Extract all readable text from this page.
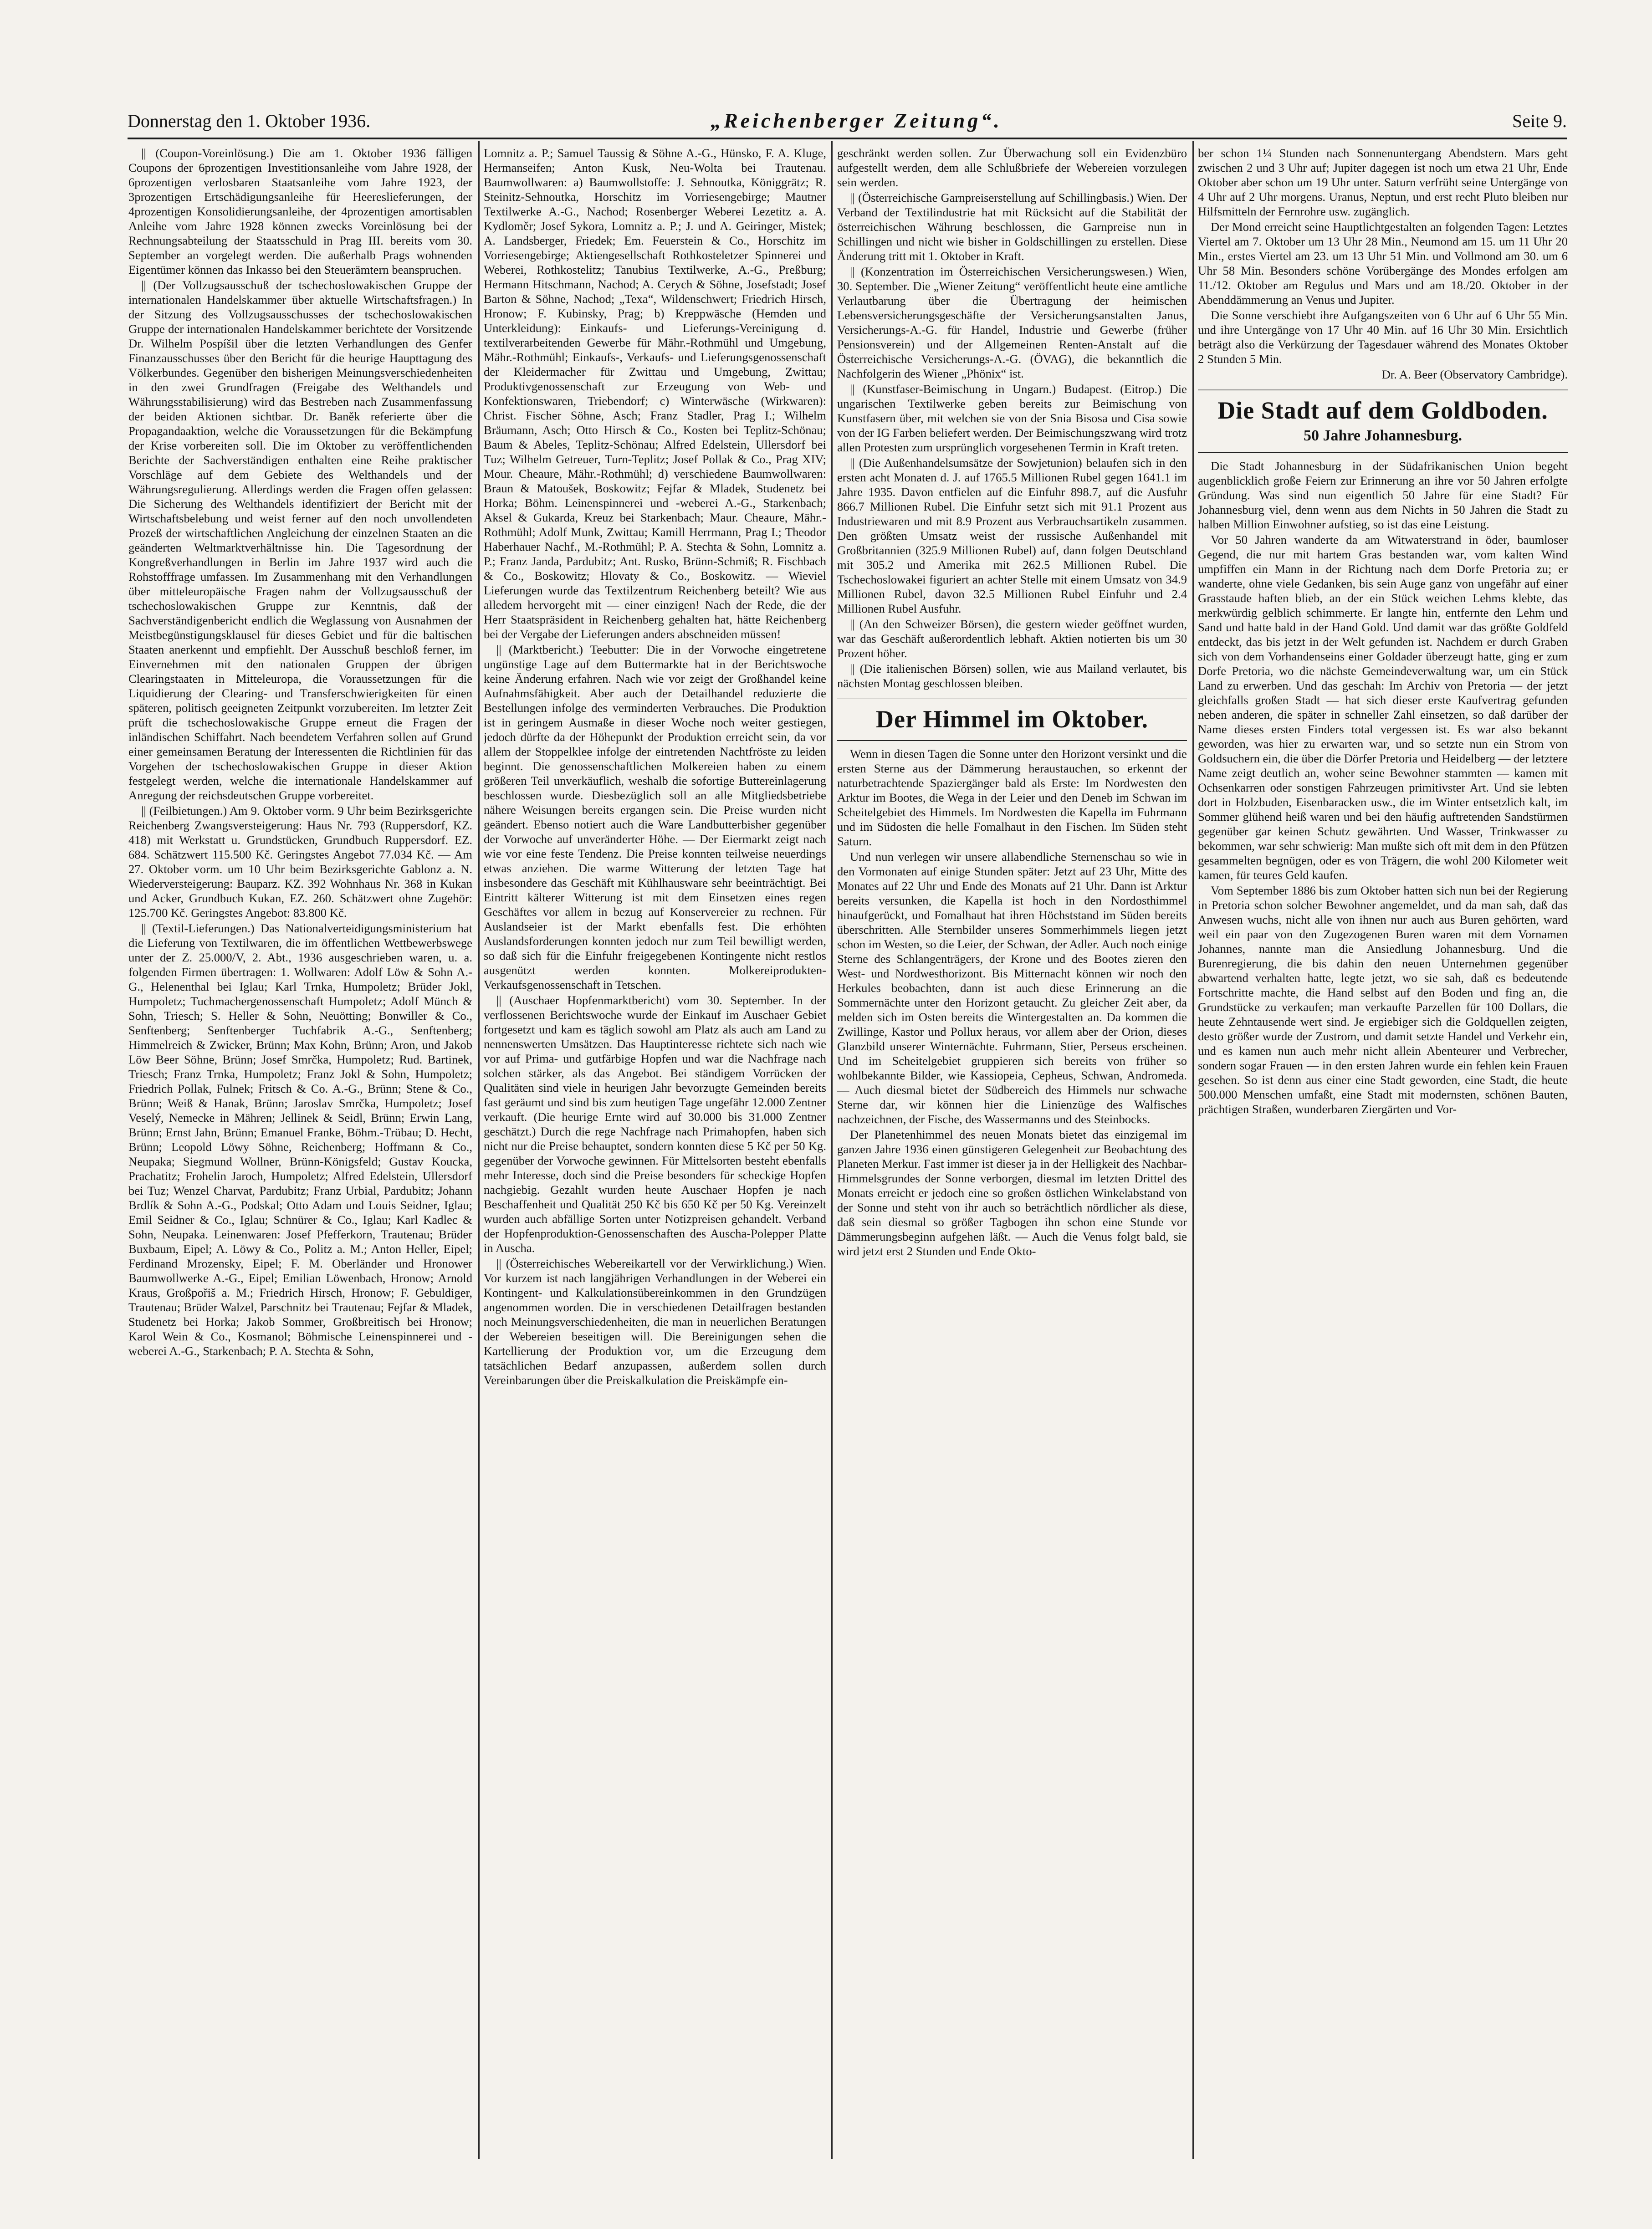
Donnerstag den 1. Oktober 1936.	„Reichenberger Zeitung“.	Seite 9.

|| (Coupon-Voreinlösung.) Die am 1. Oktober 1936 fälligen Coupons der 6prozentigen Investitionsanleihe vom Jahre 1928, der 6prozentigen verlosbaren Staatsanleihe vom Jahre 1923, der 3prozentigen Ertschädigungsanleihe für Heereslieferungen, der 4prozentigen Konsolidierungsanleihe, der 4prozentigen amortisablen Anleihe vom Jahre 1928 können zwecks Voreinlösung bei der Rechnungsabteilung der Staatsschuld in Prag III. bereits vom 30. September an vorgelegt werden. Die außerhalb Prags wohnenden Eigentümer können das Inkasso bei den Steuerämtern beanspruchen.

|| (Der Vollzugsausschuß der tschechoslowakischen Gruppe der internationalen Handelskammer über aktuelle Wirtschaftsfragen.) In der Sitzung des Vollzugsausschusses der tschechoslowakischen Gruppe der internationalen Handelskammer berichtete der Vorsitzende Dr. Wilhelm Pospíšil über die letzten Verhandlungen des Genfer Finanzausschusses über den Bericht für die heurige Haupttagung des Völkerbundes. Gegenüber den bisherigen Meinungsverschiedenheiten in den zwei Grundfragen (Freigabe des Welthandels und Währungsstabilisierung) wird das Bestreben nach Zusammenfassung der beiden Aktionen sichtbar. Dr. Baněk referierte über die Propagandaaktion, welche die Voraussetzungen für die Bekämpfung der Krise vorbereiten soll. Die im Oktober zu veröffentlichenden Berichte der Sachverständigen enthalten eine Reihe praktischer Vorschläge auf dem Gebiete des Welthandels und der Währungsregulierung. Allerdings werden die Fragen offen gelassen: Die Sicherung des Welthandels identifiziert der Bericht mit der Wirtschaftsbelebung und weist ferner auf den noch unvollendeten Prozeß der wirtschaftlichen Angleichung der einzelnen Staaten an die geänderten Weltmarktverhältnisse hin. Die Tagesordnung der Kongreßverhandlungen in Berlin im Jahre 1937 wird auch die Rohstofffrage umfassen. Im Zusammenhang mit den Verhandlungen über mitteleuropäische Fragen nahm der Vollzugsausschuß der tschechoslowakischen Gruppe zur Kenntnis, daß der Sachverständigenbericht endlich die Weglassung von Ausnahmen der Meistbegünstigungsklausel für dieses Gebiet und für die baltischen Staaten anerkennt und empfiehlt. Der Ausschuß beschloß ferner, im Einvernehmen mit den nationalen Gruppen der übrigen Clearingstaaten in Mitteleuropa, die Voraussetzungen für die Liquidierung der Clearing- und Transferschwierigkeiten für einen späteren, politisch geeigneten Zeitpunkt vorzubereiten. Im letzter Zeit prüft die tschechoslowakische Gruppe erneut die Fragen der inländischen Schiffahrt. Nach beendetem Verfahren sollen auf Grund einer gemeinsamen Beratung der Interessenten die Richtlinien für das Vorgehen der tschechoslowakischen Gruppe in dieser Aktion festgelegt werden, welche die internationale Handelskammer auf Anregung der reichsdeutschen Gruppe vorbereitet.

|| (Feilbietungen.) Am 9. Oktober vorm. 9 Uhr beim Bezirksgerichte Reichenberg Zwangsversteigerung: Haus Nr. 793 (Ruppersdorf, KZ. 418) mit Werkstatt u. Grundstücken, Grundbuch Ruppersdorf. EZ. 684. Schätzwert 115.500 Kč. Geringstes Angebot 77.034 Kč. — Am 27. Oktober vorm. um 10 Uhr beim Bezirksgerichte Gablonz a. N. Wiederversteigerung: Bauparz. KZ. 392 Wohnhaus Nr. 368 in Kukan und Acker, Grundbuch Kukan, EZ. 260. Schätzwert ohne Zugehör: 125.700 Kč. Geringstes Angebot: 83.800 Kč.

|| (Textil-Lieferungen.) Das Nationalverteidigungsministerium hat die Lieferung von Textilwaren, die im öffentlichen Wettbewerbswege unter der Z. 25.000/V, 2. Abt., 1936 ausgeschrieben waren, u. a. folgenden Firmen übertragen: 1. Wollwaren: Adolf Löw & Sohn A.-G., Helenenthal bei Iglau; Karl Trnka, Humpoletz; Brüder Jokl, Humpoletz; Tuchmachergenossenschaft Humpoletz; Adolf Münch & Sohn, Triesch; S. Heller & Sohn, Neuötting; Bonwiller & Co., Senftenberg; Senftenberger Tuchfabrik A.-G., Senftenberg; Himmelreich & Zwicker, Brünn; Max Kohn, Brünn; Aron, und Jakob Löw Beer Söhne, Brünn; Josef Smrčka, Humpoletz; Rud. Bartinek, Triesch; Franz Trnka, Humpoletz; Franz Jokl & Sohn, Humpoletz; Friedrich Pollak, Fulnek; Fritsch & Co. A.-G., Brünn; Stene & Co., Brünn; Weiß & Hanak, Brünn; Jaroslav Smrčka, Humpoletz; Josef Veselý, Nemecke in Mähren; Jellinek & Seidl, Brünn; Erwin Lang, Brünn; Ernst Jahn, Brünn; Emanuel Franke, Böhm.-Trübau; D. Hecht, Brünn; Leopold Löwy Söhne, Reichenberg; Hoffmann & Co., Neupaka; Siegmund Wollner, Brünn-Königsfeld; Gustav Koucka, Prachatitz; Frohelin Jaroch, Humpoletz; Alfred Edelstein, Ullersdorf bei Tuz; Wenzel Charvat, Pardubitz; Franz Urbial, Pardubitz; Johann Brdlík & Sohn A.-G., Podskal; Otto Adam und Louis Seidner, Iglau; Emil Seidner & Co., Iglau; Schnürer & Co., Iglau; Karl Kadlec & Sohn, Neupaka. Leinenwaren: Josef Pfefferkorn, Trautenau; Brüder Buxbaum, Eipel; A. Löwy & Co., Politz a. M.; Anton Heller, Eipel; Ferdinand Mrozensky, Eipel; F. M. Oberländer und Hronower Baumwollwerke A.-G., Eipel; Emilian Löwenbach, Hronow; Arnold Kraus, Großpořiš a. M.; Friedrich Hirsch, Hronow; F. Gebuldiger, Trautenau; Brüder Walzel, Parschnitz bei Trautenau; Fejfar & Mladek, Studenetz bei Horka; Jakob Sommer, Großbreitisch bei Hronow; Karol Wein & Co., Kosmanol; Böhmische Leinenspinnerei und -weberei A.-G., Starkenbach; P. A. Stechta & Sohn,

Lomnitz a. P.; Samuel Taussig & Söhne A.-G., Hünsko, F. A. Kluge, Hermanseifen; Anton Kusk, Neu-Wolta bei Trautenau. Baumwollwaren: a) Baumwollstoffe: J. Sehnoutka, Königgrätz; R. Steinitz-Sehnoutka, Horschitz im Vorriesengebirge; Mautner Textilwerke A.-G., Nachod; Rosenberger Weberei Lezetitz a. A. Kydloměr; Josef Sykora, Lomnitz a. P.; J. und A. Geiringer, Mistek; A. Landsberger, Friedek; Em. Feuerstein & Co., Horschitz im Vorriesengebirge; Aktiengesellschaft Rothkosteletzer Spinnerei und Weberei, Rothkostelitz; Tanubius Textilwerke, A.-G., Preßburg; Hermann Hitschmann, Nachod; A. Cerych & Söhne, Josefstadt; Josef Barton & Söhne, Nachod; „Texa“, Wildenschwert; Friedrich Hirsch, Hronow; F. Kubinsky, Prag; b) Kreppwäsche (Hemden und Unterkleidung): Einkaufs- und Lieferungs-Vereinigung d. textilverarbeitenden Gewerbe für Mähr.-Rothmühl und Umgebung, Mähr.-Rothmühl; Einkaufs-, Verkaufs- und Lieferungsgenossenschaft der Kleidermacher für Zwittau und Umgebung, Zwittau; Produktivgenossenschaft zur Erzeugung von Web- und Konfektionswaren, Triebendorf; c) Winterwäsche (Wirkwaren): Christ. Fischer Söhne, Asch; Franz Stadler, Prag I.; Wilhelm Bräumann, Asch; Otto Hirsch & Co., Kosten bei Teplitz-Schönau; Baum & Abeles, Teplitz-Schönau; Alfred Edelstein, Ullersdorf bei Tuz; Wilhelm Getreuer, Turn-Teplitz; Josef Pollak & Co., Prag XIV; Mour. Cheaure, Mähr.-Rothmühl; d) verschiedene Baumwollwaren: Braun & Matoušek, Boskowitz; Fejfar & Mladek, Studenetz bei Horka; Böhm. Leinenspinnerei und -weberei A.-G., Starkenbach; Aksel & Gukarda, Kreuz bei Starkenbach; Maur. Cheaure, Mähr.-Rothmühl; Adolf Munk, Zwittau; Kamill Herrmann, Prag I.; Theodor Haberhauer Nachf., M.-Rothmühl; P. A. Stechta & Sohn, Lomnitz a. P.; Franz Janda, Pardubitz; Ant. Rusko, Brünn-Schmiß; R. Fischbach & Co., Boskowitz; Hlovaty & Co., Boskowitz. — Wieviel Lieferungen wurde das Textilzentrum Reichenberg beteilt? Wie aus alledem hervorgeht mit — einer einzigen! Nach der Rede, die der Herr Staatspräsident in Reichenberg gehalten hat, hätte Reichenberg bei der Vergabe der Lieferungen anders abschneiden müssen!

|| (Marktbericht.) Teebutter: Die in der Vorwoche eingetretene ungünstige Lage auf dem Buttermarkte hat in der Berichtswoche keine Änderung erfahren. Nach wie vor zeigt der Großhandel keine Aufnahmsfähigkeit. Aber auch der Detailhandel reduzierte die Bestellungen infolge des verminderten Verbrauches. Die Produktion ist in geringem Ausmaße in dieser Woche noch weiter gestiegen, jedoch dürfte da der Höhepunkt der Produktion erreicht sein, da vor allem der Stoppelklee infolge der eintretenden Nachtfröste zu leiden beginnt. Die genossenschaftlichen Molkereien haben zu einem größeren Teil unverkäuflich, weshalb die sofortige Buttereinlagerung beschlossen wurde. Diesbezüglich soll an alle Mitgliedsbetriebe nähere Weisungen bereits ergangen sein. Die Preise wurden nicht geändert. Ebenso notiert auch die Ware Landbutterbisher gegenüber der Vorwoche auf unveränderter Höhe. — Der Eiermarkt zeigt nach wie vor eine feste Tendenz. Die Preise konnten teilweise neuerdings etwas anziehen. Die warme Witterung der letzten Tage hat insbesondere das Geschäft mit Kühlhausware sehr beeinträchtigt. Bei Eintritt kälterer Witterung ist mit dem Einsetzen eines regen Geschäftes vor allem in bezug auf Konservereier zu rechnen. Für Auslandseier ist der Markt ebenfalls fest. Die erhöhten Auslandsforderungen konnten jedoch nur zum Teil bewilligt werden, so daß sich für die Einfuhr freigegebenen Kontingente nicht restlos ausgenützt werden konnten. Molkereiprodukten-Verkaufsgenossenschaft in Tetschen.

|| (Auschaer Hopfenmarktbericht) vom 30. September. In der verflossenen Berichtswoche wurde der Einkauf im Auschaer Gebiet fortgesetzt und kam es täglich sowohl am Platz als auch am Land zu nennenswerten Umsätzen. Das Hauptinteresse richtete sich nach wie vor auf Prima- und gutfärbige Hopfen und war die Nachfrage nach solchen stärker, als das Angebot. Bei ständigem Vorrücken der Qualitäten sind viele in heurigen Jahr bevorzugte Gemeinden bereits fast geräumt und sind bis zum heutigen Tage ungefähr 12.000 Zentner verkauft. (Die heurige Ernte wird auf 30.000 bis 31.000 Zentner geschätzt.) Durch die rege Nachfrage nach Primahopfen, haben sich nicht nur die Preise behauptet, sondern konnten diese 5 Kč per 50 Kg. gegenüber der Vorwoche gewinnen. Für Mittelsorten besteht ebenfalls mehr Interesse, doch sind die Preise besonders für scheckige Hopfen nachgiebig. Gezahlt wurden heute Auschaer Hopfen je nach Beschaffenheit und Qualität 250 Kč bis 650 Kč per 50 Kg. Vereinzelt wurden auch abfällige Sorten unter Notizpreisen gehandelt. Verband der Hopfenproduktion-Genossenschaften des Auscha-Polepper Platte in Auscha.

|| (Österreichisches Webereikartell vor der Verwirklichung.) Wien. Vor kurzem ist nach langjährigen Verhandlungen in der Weberei ein Kontingent- und Kalkulationsübereinkommen in den Grundzügen angenommen worden. Die in verschiedenen Detailfragen bestanden noch Meinungsverschiedenheiten, die man in neuerlichen Beratungen der Webereien beseitigen will. Die Bereinigungen sehen die Kartellierung der Produktion vor, um die Erzeugung dem tatsächlichen Bedarf anzupassen, außerdem sollen durch Vereinbarungen über die Preiskalkulation die Preiskämpfe ein-

geschränkt werden sollen. Zur Überwachung soll ein Evidenzbüro aufgestellt werden, dem alle Schlußbriefe der Webereien vorzulegen sein werden.

|| (Österreichische Garnpreiserstellung auf Schillingbasis.) Wien. Der Verband der Textilindustrie hat mit Rücksicht auf die Stabilität der österreichischen Währung beschlossen, die Garnpreise nun in Schillingen und nicht wie bisher in Goldschillingen zu erstellen. Diese Änderung tritt mit 1. Oktober in Kraft.

|| (Konzentration im Österreichischen Versicherungswesen.) Wien, 30. September. Die „Wiener Zeitung“ veröffentlicht heute eine amtliche Verlautbarung über die Übertragung der heimischen Lebensversicherungsgeschäfte der Versicherungsanstalten Janus, Versicherungs-A.-G. für Handel, Industrie und Gewerbe (früher Pensionsverein) und der Allgemeinen Renten-Anstalt auf die Österreichische Versicherungs-A.-G. (ÖVAG), die bekanntlich die Nachfolgerin des Wiener „Phönix“ ist.

|| (Kunstfaser-Beimischung in Ungarn.) Budapest. (Eitrop.) Die ungarischen Textilwerke geben bereits zur Beimischung von Kunstfasern über, mit welchen sie von der Snia Bisosa und Cisa sowie von der IG Farben beliefert werden. Der Beimischungszwang wird trotz allen Protesten zum ursprünglich vorgesehenen Termin in Kraft treten.

|| (Die Außenhandelsumsätze der Sowjetunion) belaufen sich in den ersten acht Monaten d. J. auf 1765.5 Millionen Rubel gegen 1641.1 im Jahre 1935. Davon entfielen auf die Einfuhr 898.7, auf die Ausfuhr 866.7 Millionen Rubel. Die Einfuhr setzt sich mit 91.1 Prozent aus Industriewaren und mit 8.9 Prozent aus Verbrauchsartikeln zusammen. Den größten Umsatz weist der russische Außenhandel mit Großbritannien (325.9 Millionen Rubel) auf, dann folgen Deutschland mit 305.2 und Amerika mit 262.5 Millionen Rubel. Die Tschechoslowakei figuriert an achter Stelle mit einem Umsatz von 34.9 Millionen Rubel, davon 32.5 Millionen Rubel Einfuhr und 2.4 Millionen Rubel Ausfuhr.

|| (An den Schweizer Börsen), die gestern wieder geöffnet wurden, war das Geschäft außerordentlich lebhaft. Aktien notierten bis um 30 Prozent höher.

|| (Die italienischen Börsen) sollen, wie aus Mailand verlautet, bis nächsten Montag geschlossen bleiben.

Der Himmel im Oktober.

Wenn in diesen Tagen die Sonne unter den Horizont versinkt und die ersten Sterne aus der Dämmerung heraustauchen, so erkennt der naturbetrachtende Spaziergänger bald als Erste: Im Nordwesten den Arktur im Bootes, die Wega in der Leier und den Deneb im Schwan im Scheitelgebiet des Himmels. Im Nordwesten die Kapella im Fuhrmann und im Südosten die helle Fomalhaut in den Fischen. Im Süden steht Saturn.

Und nun verlegen wir unsere allabendliche Sternenschau so wie in den Vormonaten auf einige Stunden später: Jetzt auf 23 Uhr, Mitte des Monates auf 22 Uhr und Ende des Monats auf 21 Uhr. Dann ist Arktur bereits versunken, die Kapella ist hoch in den Nordosthimmel hinaufgerückt, und Fomalhaut hat ihren Höchststand im Süden bereits überschritten. Alle Sternbilder unseres Sommerhimmels liegen jetzt schon im Westen, so die Leier, der Schwan, der Adler. Auch noch einige Sterne des Schlangenträgers, der Krone und des Bootes zieren den West- und Nordwesthorizont. Bis Mitternacht können wir noch den Herkules beobachten, dann ist auch diese Erinnerung an die Sommernächte unter den Horizont getaucht. Zu gleicher Zeit aber, da melden sich im Osten bereits die Wintergestalten an. Da kommen die Zwillinge, Kastor und Pollux heraus, vor allem aber der Orion, dieses Glanzbild unserer Winternächte. Fuhrmann, Stier, Perseus erscheinen. Und im Scheitelgebiet gruppieren sich bereits von früher so wohlbekannte Bilder, wie Kassiopeia, Cepheus, Schwan, Andromeda. — Auch diesmal bietet der Südbereich des Himmels nur schwache Sterne dar, wir können hier die Linienzüge des Walfisches nachzeichnen, der Fische, des Wassermanns und des Steinbocks.

Der Planetenhimmel des neuen Monats bietet das einzigemal im ganzen Jahre 1936 einen günstigeren Gelegenheit zur Beobachtung des Planeten Merkur. Fast immer ist dieser ja in der Helligkeit des Nachbar-Himmelsgrundes der Sonne verborgen, diesmal im letzten Drittel des Monats erreicht er jedoch eine so großen östlichen Winkelabstand von der Sonne und steht von ihr auch so beträchtlich nördlicher als diese, daß sein diesmal so größer Tagbogen ihn schon eine Stunde vor Dämmerungsbeginn aufgehen läßt. — Auch die Venus folgt bald, sie wird jetzt erst 2 Stunden und Ende Okto-

ber schon 1¼ Stunden nach Sonnenuntergang Abendstern. Mars geht zwischen 2 und 3 Uhr auf; Jupiter dagegen ist noch um etwa 21 Uhr, Ende Oktober aber schon um 19 Uhr unter. Saturn verfrüht seine Untergänge von 4 Uhr auf 2 Uhr morgens. Uranus, Neptun, und erst recht Pluto bleiben nur Hilfsmitteln der Fernrohre usw. zugänglich.

Der Mond erreicht seine Hauptlichtgestalten an folgenden Tagen: Letztes Viertel am 7. Oktober um 13 Uhr 28 Min., Neumond am 15. um 11 Uhr 20 Min., erstes Viertel am 23. um 13 Uhr 51 Min. und Vollmond am 30. um 6 Uhr 58 Min. Besonders schöne Vorübergänge des Mondes erfolgen am 11./12. Oktober am Regulus und Mars und am 18./20. Oktober in der Abenddämmerung an Venus und Jupiter.

Die Sonne verschiebt ihre Aufgangszeiten von 6 Uhr auf 6 Uhr 55 Min. und ihre Untergänge von 17 Uhr 40 Min. auf 16 Uhr 30 Min. Ersichtlich beträgt also die Verkürzung der Tagesdauer während des Monates Oktober 2 Stunden 5 Min.

Dr. A. Beer (Observatory Cambridge).

Die Stadt auf dem Goldboden.

50 Jahre Johannesburg.

Die Stadt Johannesburg in der Südafrikanischen Union begeht augenblicklich große Feiern zur Erinnerung an ihre vor 50 Jahren erfolgte Gründung. Was sind nun eigentlich 50 Jahre für eine Stadt? Für Johannesburg viel, denn wenn aus dem Nichts in 50 Jahren die Stadt zu halben Million Einwohner aufstieg, so ist das eine Leistung.

Vor 50 Jahren wanderte da am Witwaterstrand in öder, baumloser Gegend, die nur mit hartem Gras bestanden war, vom kalten Wind umpfiffen ein Mann in der Richtung nach dem Dorfe Pretoria zu; er wanderte, ohne viele Gedanken, bis sein Auge ganz von ungefähr auf einer Grasstaude haften blieb, an der ein Stück weichen Lehms klebte, das merkwürdig gelblich schimmerte. Er langte hin, entfernte den Lehm und Sand und hatte bald in der Hand Gold. Und damit war das größte Goldfeld entdeckt, das bis jetzt in der Welt gefunden ist. Nachdem er durch Graben sich von dem Vorhandenseins einer Goldader überzeugt hatte, ging er zum Dorfe Pretoria, wo die nächste Gemeindeverwaltung war, um ein Stück Land zu erwerben. Und das geschah: Im Archiv von Pretoria — der jetzt gleichfalls großen Stadt — hat sich dieser erste Kaufvertrag gefunden neben anderen, die später in schneller Zahl einsetzen, so daß darüber der Name dieses ersten Finders total vergessen ist. Es war also bekannt geworden, was hier zu erwarten war, und so setzte nun ein Strom von Goldsuchern ein, die über die Dörfer Pretoria und Heidelberg — der letztere Name zeigt deutlich an, woher seine Bewohner stammten — kamen mit Ochsenkarren oder sonstigen Fahrzeugen primitivster Art. Und sie lebten dort in Holzbuden, Eisenbaracken usw., die im Winter entsetzlich kalt, im Sommer glühend heiß waren und bei den häufig auftretenden Sandstürmen gegenüber gar keinen Schutz gewährten. Und Wasser, Trinkwasser zu bekommen, war sehr schwierig: Man mußte sich oft mit dem in den Pfützen gesammelten begnügen, oder es von Trägern, die wohl 200 Kilometer weit kamen, für teures Geld kaufen.

Vom September 1886 bis zum Oktober hatten sich nun bei der Regierung in Pretoria schon solcher Bewohner angemeldet, und da man sah, daß das Anwesen wuchs, nicht alle von ihnen nur auch aus Buren gehörten, ward weil ein paar von den Zugezogenen Buren waren mit dem Vornamen Johannes, nannte man die Ansiedlung Johannesburg. Und die Burenregierung, die bis dahin den neuen Unternehmen gegenüber abwartend verhalten hatte, legte jetzt, wo sie sah, daß es bedeutende Fortschritte machte, die Hand selbst auf den Boden und fing an, die Grundstücke zu verkaufen; man verkaufte Parzellen für 100 Dollars, die heute Zehntausende wert sind. Je ergiebiger sich die Goldquellen zeigten, desto größer wurde der Zustrom, und damit setzte Handel und Verkehr ein, und es kamen nun auch mehr nicht allein Abenteurer und Verbrecher, sondern sogar Frauen — in den ersten Jahren wurde ein fehlen kein Frauen gesehen. So ist denn aus einer eine Stadt geworden, eine Stadt, die heute 500.000 Menschen umfaßt, eine Stadt mit modernsten, schönen Bauten, prächtigen Straßen, wunderbaren Ziergärten und Vor-
